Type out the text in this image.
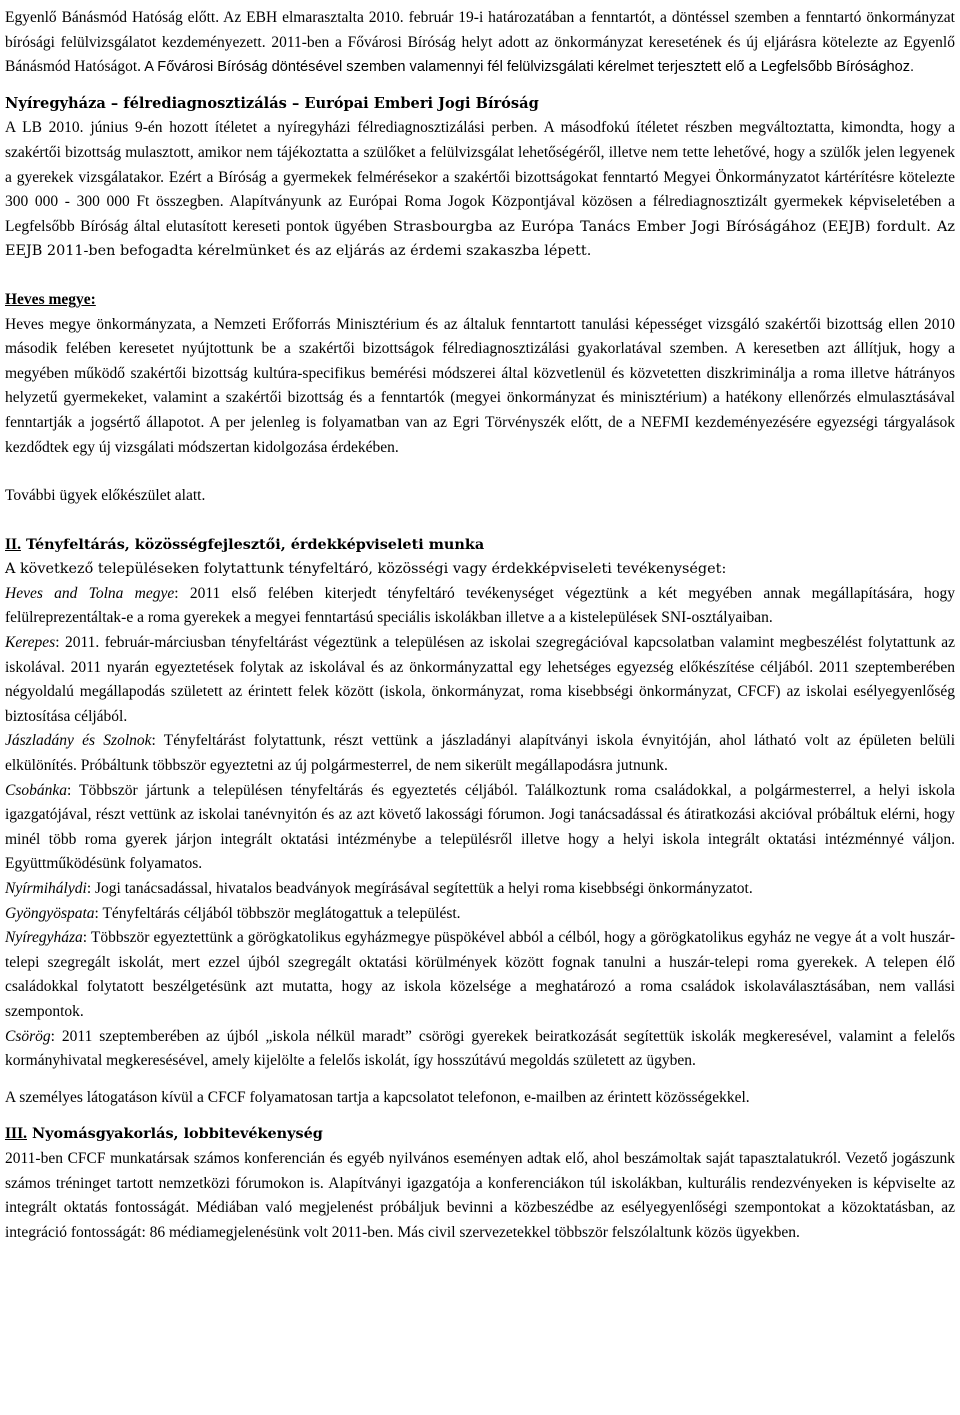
Egyenlő Bánásmód Hatóság előtt. Az EBH elmarasztalta 2010. február 19-i határozatában a fenntartót, a döntéssel szemben a fenntartó önkormányzat bírósági felülvizsgálatot kezdeményezett. 2011-ben a Fővárosi Bíróság helyt adott az önkormányzat keresetének és új eljárásra kötelezte az Egyenlő Bánásmód Hatóságot. A Fővárosi Bíróság döntésével szemben valamennyi fél felülvizsgálati kérelmet terjesztett elő a Legfelsőbb Bírósághoz.

Nyíregyháza – félrediagnosztizálás – Európai Emberi Jogi Bíróság

A LB 2010. június 9-én hozott ítéletet a nyíregyházi félrediagnosztizálási perben. A másodfokú ítéletet részben megváltoztatta, kimondta, hogy a szakértői bizottság mulasztott, amikor nem tájékoztatta a szülőket a felülvizsgálat lehetőségéről, illetve nem tette lehetővé, hogy a szülők jelen legyenek a gyerekek vizsgálatakor. Ezért a Bíróság a gyermekek felmérésekor a szakértői bizottságokat fenntartó Megyei Önkormányzatot kártérítésre kötelezte 300 000 - 300 000 Ft összegben. Alapítványunk az Európai Roma Jogok Központjával közösen a félrediagnosztizált gyermekek képviseletében a Legfelsőbb Bíróság által elutasított kereseti pontok ügyében Strasbourgba az Európa Tanács Ember Jogi Bíróságához (EEJB) fordult. Az EEJB 2011-ben befogadta kérelmünket és az eljárás az érdemi szakaszba lépett.

Heves megye:

Heves megye önkormányzata, a Nemzeti Erőforrás Minisztérium és az általuk fenntartott tanulási képességet vizsgáló szakértői bizottság ellen 2010 második felében keresetet nyújtottunk be a szakértői bizottságok félrediagnosztizálási gyakorlatával szemben. A keresetben azt állítjuk, hogy a megyében működő szakértői bizottság kultúra-specifikus bemérési módszerei által közvetlenül és közvetetten diszkriminálja a roma illetve hátrányos helyzetű gyermekeket, valamint a szakértői bizottság és a fenntartók (megyei önkormányzat és minisztérium) a hatékony ellenőrzés elmulasztásával fenntartják a jogsértő állapotot. A per jelenleg is folyamatban van az Egri Törvényszék előtt, de a NEFMI kezdeményezésére egyezségi tárgyalások kezdődtek egy új vizsgálati módszertan kidolgozása érdekében.

További ügyek előkészület alatt.

II. Tényfeltárás, közösségfejlesztői, érdekképviseleti munka

A következő településeken folytattunk tényfeltáró, közösségi vagy érdekképviseleti tevékenységet:

Heves and Tolna megye: 2011 első felében kiterjedt tényfeltáró tevékenységet végeztünk a két megyében annak megállapítására, hogy felülreprezentáltak-e a roma gyerekek a megyei fenntartású speciális iskolákban illetve a a kistelepülések SNI-osztályaiban.

Kerepes: 2011. február-márciusban tényfeltárást végeztünk a településen az iskolai szegregációval kapcsolatban valamint megbeszélést folytattunk az iskolával. 2011 nyarán egyeztetések folytak az iskolával és az önkormányzattal egy lehetséges egyezség előkészítése céljából. 2011 szeptemberében négyoldalú megállapodás született az érintett felek között (iskola, önkormányzat, roma kisebbségi önkormányzat, CFCF) az iskolai esélyegyenlőség biztosítása céljából.

Jászladány és Szolnok: Tényfeltárást folytattunk, részt vettünk a jászladányi alapítványi iskola évnyitóján, ahol látható volt az épületen belüli elkülönítés. Próbáltunk többször egyeztetni az új polgármesterrel, de nem sikerült megállapodásra jutnunk.

Csobánka: Többször jártunk a településen tényfeltárás és egyeztetés céljából. Találkoztunk roma családokkal, a polgármesterrel, a helyi iskola igazgatójával, részt vettünk az iskolai tanévnyitón és az azt követő lakossági fórumon. Jogi tanácsadással és átiratkozási akcióval próbáltuk elérni, hogy minél több roma gyerek járjon integrált oktatási intézménybe a településről illetve hogy a helyi iskola integrált oktatási intézménnyé váljon. Együttműködésünk folyamatos.

Nyírmihálydi: Jogi tanácsadással, hivatalos beadványok megírásával segítettük a helyi roma kisebbségi önkormányzatot.

Gyöngyöspata: Tényfeltárás céljából többször meglátogattuk a települést.

Nyíregyháza: Többször egyeztettünk a görögkatolikus egyházmegye püspökével abból a célból, hogy a görögkatolikus egyház ne vegye át a volt huszár-telepi szegregált iskolát, mert ezzel újból szegregált oktatási körülmények között fognak tanulni a huszár-telepi roma gyerekek. A telepen élő családokkal folytatott beszélgetésünk azt mutatta, hogy az iskola közelsége a meghatározó a roma családok iskolaválasztásában, nem vallási szempontok.

Csörög: 2011 szeptemberében az újból „iskola nélkül maradt” csörögi gyerekek beiratkozását segítettük iskolák megkeresével, valamint a felelős kormányhivatal megkeresésével, amely kijelölte a felelős iskolát, így hosszútávú megoldás született az ügyben.

A személyes látogatáson kívül a CFCF folyamatosan tartja a kapcsolatot telefonon, e-mailben az érintett közösségekkel.

III. Nyomásgyakorlás, lobbitevékenység

2011-ben CFCF munkatársak számos konferencián és egyéb nyilvános eseményen adtak elő, ahol beszámoltak saját tapasztalatukról. Vezető jogászunk számos tréninget tartott nemzetközi fórumokon is. Alapítványi igazgatója a konferenciákon túl iskolákban, kulturális rendezvényeken is képviselte az integrált oktatás fontosságát. Médiában való megjelenést próbáljuk bevinni a közbeszédbe az esélyegyenlőségi szempontokat a közoktatásban, az integráció fontosságát: 86 médiamegjelenésünk volt 2011-ben. Más civil szervezetekkel többször felszólaltunk közös ügyekben.
